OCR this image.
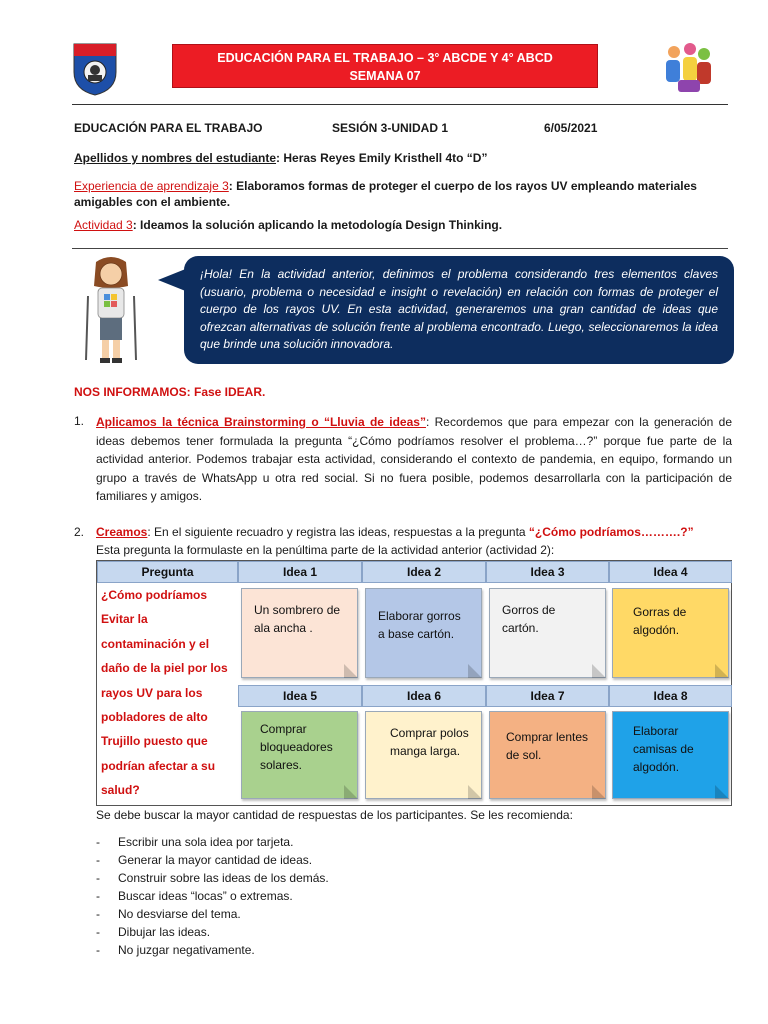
EDUCACIÓN PARA EL TRABAJO – 3° ABCDE Y 4° ABCD
SEMANA 07
EDUCACIÓN PARA EL TRABAJO	SESIÓN 3-UNIDAD 1	6/05/2021
Apellidos y nombres del estudiante: Heras Reyes Emily Kristhell 4to “D”
Experiencia de aprendizaje 3: Elaboramos formas de proteger el cuerpo de los rayos UV empleando materiales amigables con el ambiente.
Actividad 3: Ideamos la solución aplicando la metodología Design Thinking.
¡Hola! En la actividad anterior, definimos el problema considerando tres elementos claves (usuario, problema o necesidad e insight o revelación) en relación con formas de proteger el cuerpo de los rayos UV. En esta actividad, generaremos una gran cantidad de ideas que ofrezcan alternativas de solución frente al problema encontrado. Luego, seleccionaremos la idea que brinde una solución innovadora.
NOS INFORMAMOS: Fase IDEAR.
1. Aplicamos la técnica Brainstorming o “Lluvia de ideas”: Recordemos que para empezar con la generación de ideas debemos tener formulada la pregunta “¿Cómo podríamos resolver el problema…?” porque fue parte de la actividad anterior. Podemos trabajar esta actividad, considerando el contexto de pandemia, en equipo, formando un grupo a través de WhatsApp u otra red social. Si no fuera posible, podemos desarrollarla con la participación de familiares y amigos.
2. Creamos: En el siguiente recuadro y registra las ideas, respuestas a la pregunta “¿Cómo podríamos……….?”
Esta pregunta la formulaste en la penúltima parte de la actividad anterior (actividad 2):
Pregunta
¿Cómo podríamos Evitar la contaminación y el daño de la piel por los rayos UV para los pobladores de alto Trujillo puesto que podrían afectar a su salud?
Idea 1	Idea 2	Idea 3	Idea 4
Un sombrero de ala ancha .
Elaborar gorros a base cartón.
Gorros de cartón.
Gorras de algodón.
Idea 5	Idea 6	Idea 7	Idea 8
Comprar bloqueadores solares.
Comprar polos manga larga.
Comprar lentes de sol.
Elaborar camisas de algodón.
Se debe buscar la mayor cantidad de respuestas de los participantes. Se les recomienda:
- Escribir una sola idea por tarjeta.
- Generar la mayor cantidad de ideas.
- Construir sobre las ideas de los demás.
- Buscar ideas “locas” o extremas.
- No desviarse del tema.
- Dibujar las ideas.
- No juzgar negativamente.
